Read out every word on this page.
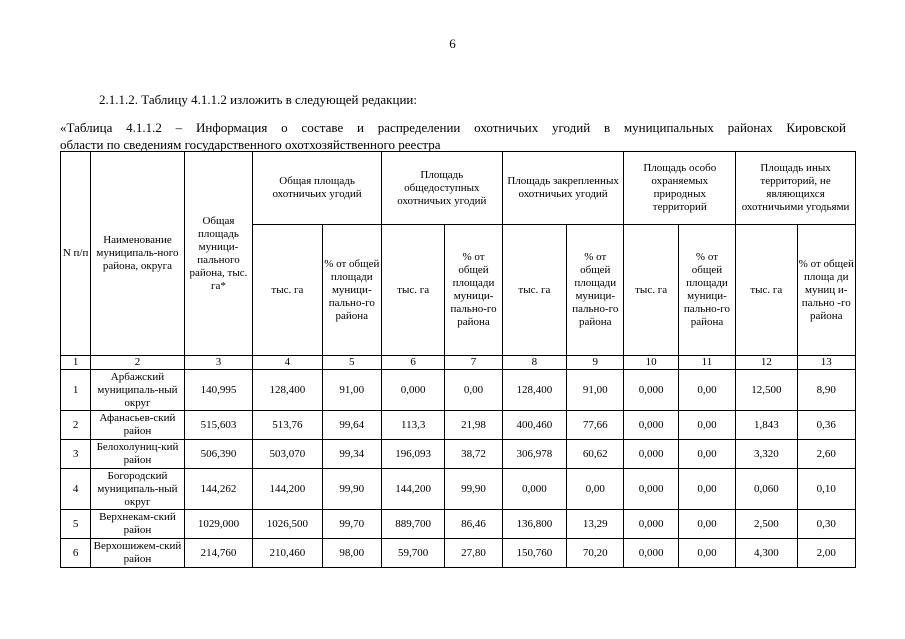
6
2.1.1.2. Таблицу 4.1.1.2 изложить в следующей редакции:
«Таблица 4.1.1.2 – Информация о составе и распределении охотничьих угодий в муниципальных районах Кировской
области по сведениям государственного охотхозяйственного реестра
N п/п	Наименование муниципаль-ного района, округа	Общая площадь муници-пального района, тыс. га*	Общая площадь охотничьих угодий		Площадь общедоступных охотничьих угодий		Площадь закрепленных охотничьих угодий		Площадь особо охраняемых природных территорий		Площадь иных территорий, не являющихся охотничьими угодьями	
			тыс. га	% от общей площади муници-пально-го района	тыс. га	% от общей площади муници-пально-го района	тыс. га	% от общей площади муници-пально-го района	тыс. га	% от общей площади муници-пально-го района	тыс. га	% от общей площа ди муниц и-пально -го района
1	2	3	4	5	6	7	8	9	10	11	12	13
1	Арбажский муниципаль-ный округ	140,995	128,400	91,00	0,000	0,00	128,400	91,00	0,000	0,00	12,500	8,90
2	Афанасьев-ский район	515,603	513,76	99,64	113,3	21,98	400,460	77,66	0,000	0,00	1,843	0,36
3	Белохолуниц-кий район	506,390	503,070	99,34	196,093	38,72	306,978	60,62	0,000	0,00	3,320	2,60
4	Богородский муниципаль-ный округ	144,262	144,200	99,90	144,200	99,90	0,000	0,00	0,000	0,00	0,060	0,10
5	Верхнекам-ский район	1029,000	1026,500	99,70	889,700	86,46	136,800	13,29	0,000	0,00	2,500	0,30
6	Верхошижем-ский район	214,760	210,460	98,00	59,700	27,80	150,760	70,20	0,000	0,00	4,300	2,00
